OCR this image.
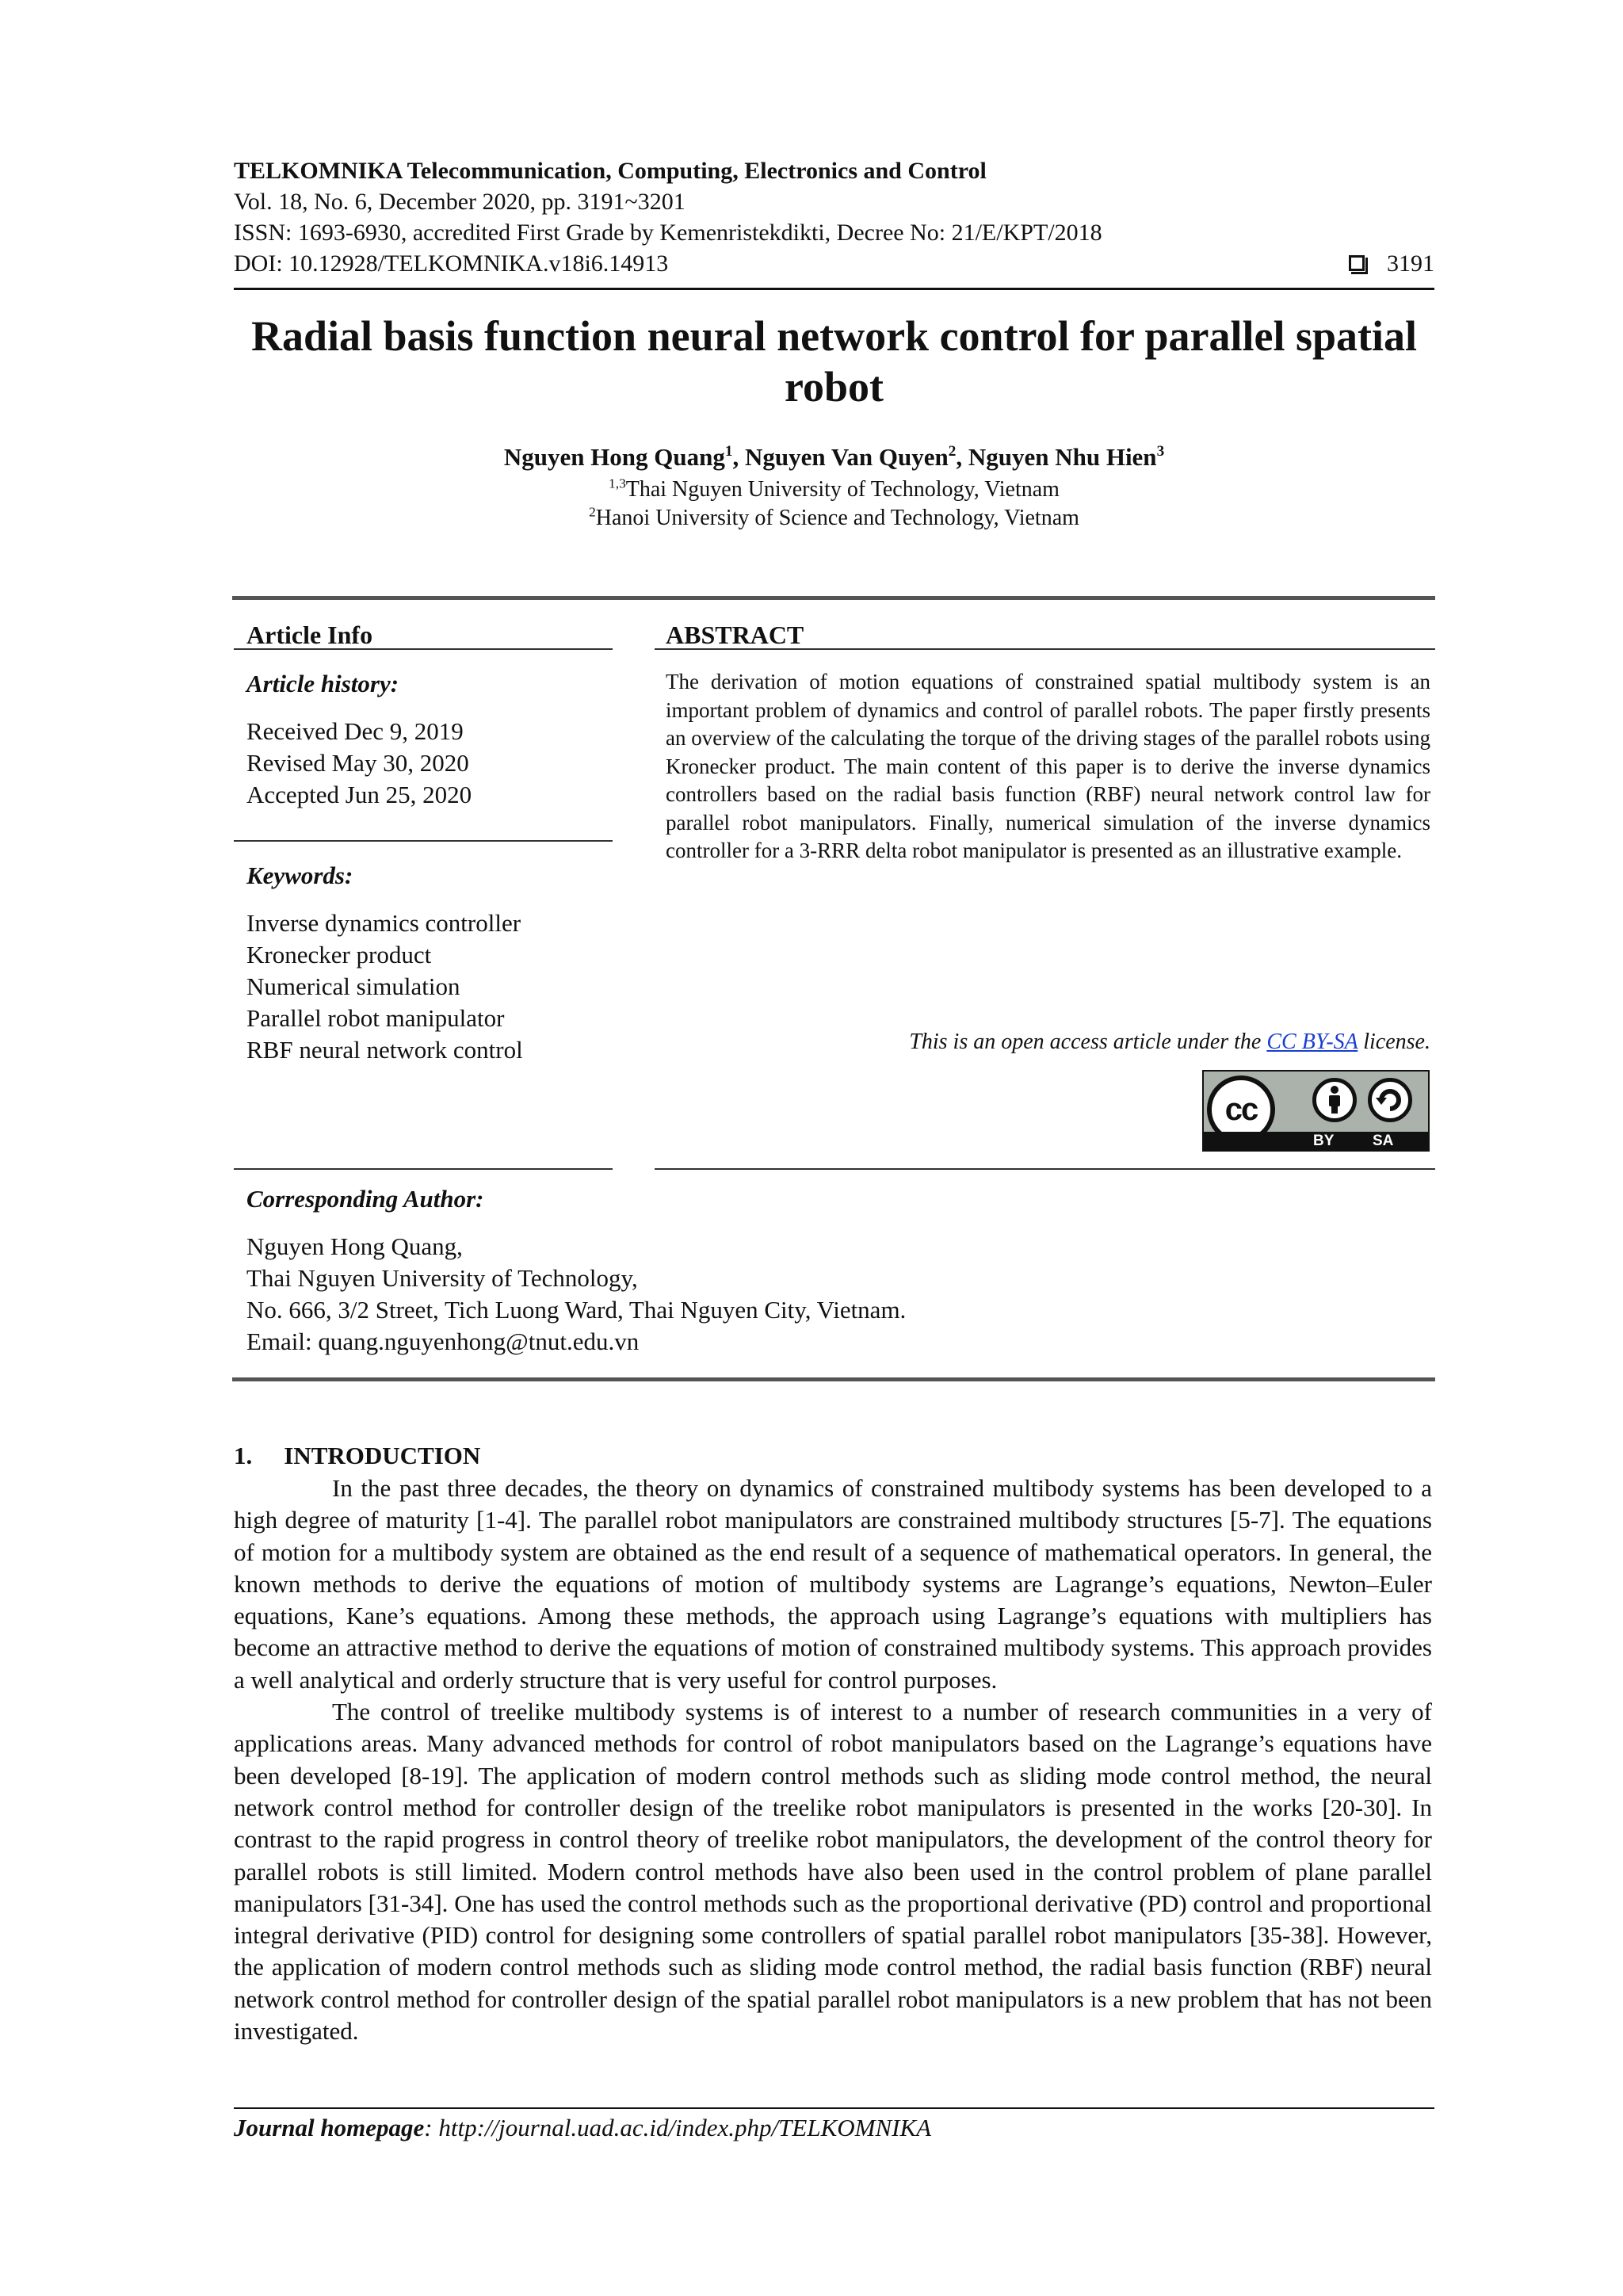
TELKOMNIKA Telecommunication, Computing, Electronics and Control
Vol. 18, No. 6, December 2020, pp. 3191~3201
ISSN: 1693-6930, accredited First Grade by Kemenristekdikti, Decree No: 21/E/KPT/2018
DOI: 10.12928/TELKOMNIKA.v18i6.14913	3191
Radial basis function neural network control for parallel spatial robot
Nguyen Hong Quang$^1$, Nguyen Van Quyen$^2$, Nguyen Nhu Hien$^3$
$^{1,3}$Thai Nguyen University of Technology, Vietnam
$^2$Hanoi University of Science and Technology, Vietnam
Article Info
Article history:
Received Dec 9, 2019
Revised May 30, 2020
Accepted Jun 25, 2020
Keywords:
Inverse dynamics controller
Kronecker product
Numerical simulation
Parallel robot manipulator
RBF neural network control
ABSTRACT
The derivation of motion equations of constrained spatial multibody system is an important problem of dynamics and control of parallel robots. The paper firstly presents an overview of the calculating the torque of the driving stages of the parallel robots using Kronecker product. The main content of this paper is to derive the inverse dynamics controllers based on the radial basis function (RBF) neural network control law for parallel robot manipulators. Finally, numerical simulation of the inverse dynamics controller for a 3-RRR delta robot manipulator is presented as an illustrative example.
This is an open access article under the CC BY-SA license.
cc
BY	SA
Corresponding Author:
Nguyen Hong Quang,
Thai Nguyen University of Technology,
No. 666, 3/2 Street, Tich Luong Ward, Thai Nguyen City, Vietnam.
Email: quang.nguyenhong@tnut.edu.vn
1. INTRODUCTION

In the past three decades, the theory on dynamics of constrained multibody systems has been developed to a high degree of maturity [1-4]. The parallel robot manipulators are constrained multibody structures [5-7]. The equations of motion for a multibody system are obtained as the end result of a sequence of mathematical operators. In general, the known methods to derive the equations of motion of multibody systems are Lagrange’s equations, Newton–Euler equations, Kane’s equations. Among these methods, the approach using Lagrange’s equations with multipliers has become an attractive method to derive the equations of motion of constrained multibody systems. This approach provides a well analytical and orderly structure that is very useful for control purposes.

The control of treelike multibody systems is of interest to a number of research communities in a very of applications areas. Many advanced methods for control of robot manipulators based on the Lagrange’s equations have been developed [8-19]. The application of modern control methods such as sliding mode control method, the neural network control method for controller design of the treelike robot manipulators is presented in the works [20-30]. In contrast to the rapid progress in control theory of treelike robot manipulators, the development of the control theory for parallel robots is still limited. Modern control methods have also been used in the control problem of plane parallel manipulators [31-34]. One has used the control methods such as the proportional derivative (PD) control and proportional integral derivative (PID) control for designing some controllers of spatial parallel robot manipulators [35-38]. However, the application of modern control methods such as sliding mode control method, the radial basis function (RBF) neural network control method for controller design of the spatial parallel robot manipulators is a new problem that has not been investigated.

Journal homepage: http://journal.uad.ac.id/index.php/TELKOMNIKA
